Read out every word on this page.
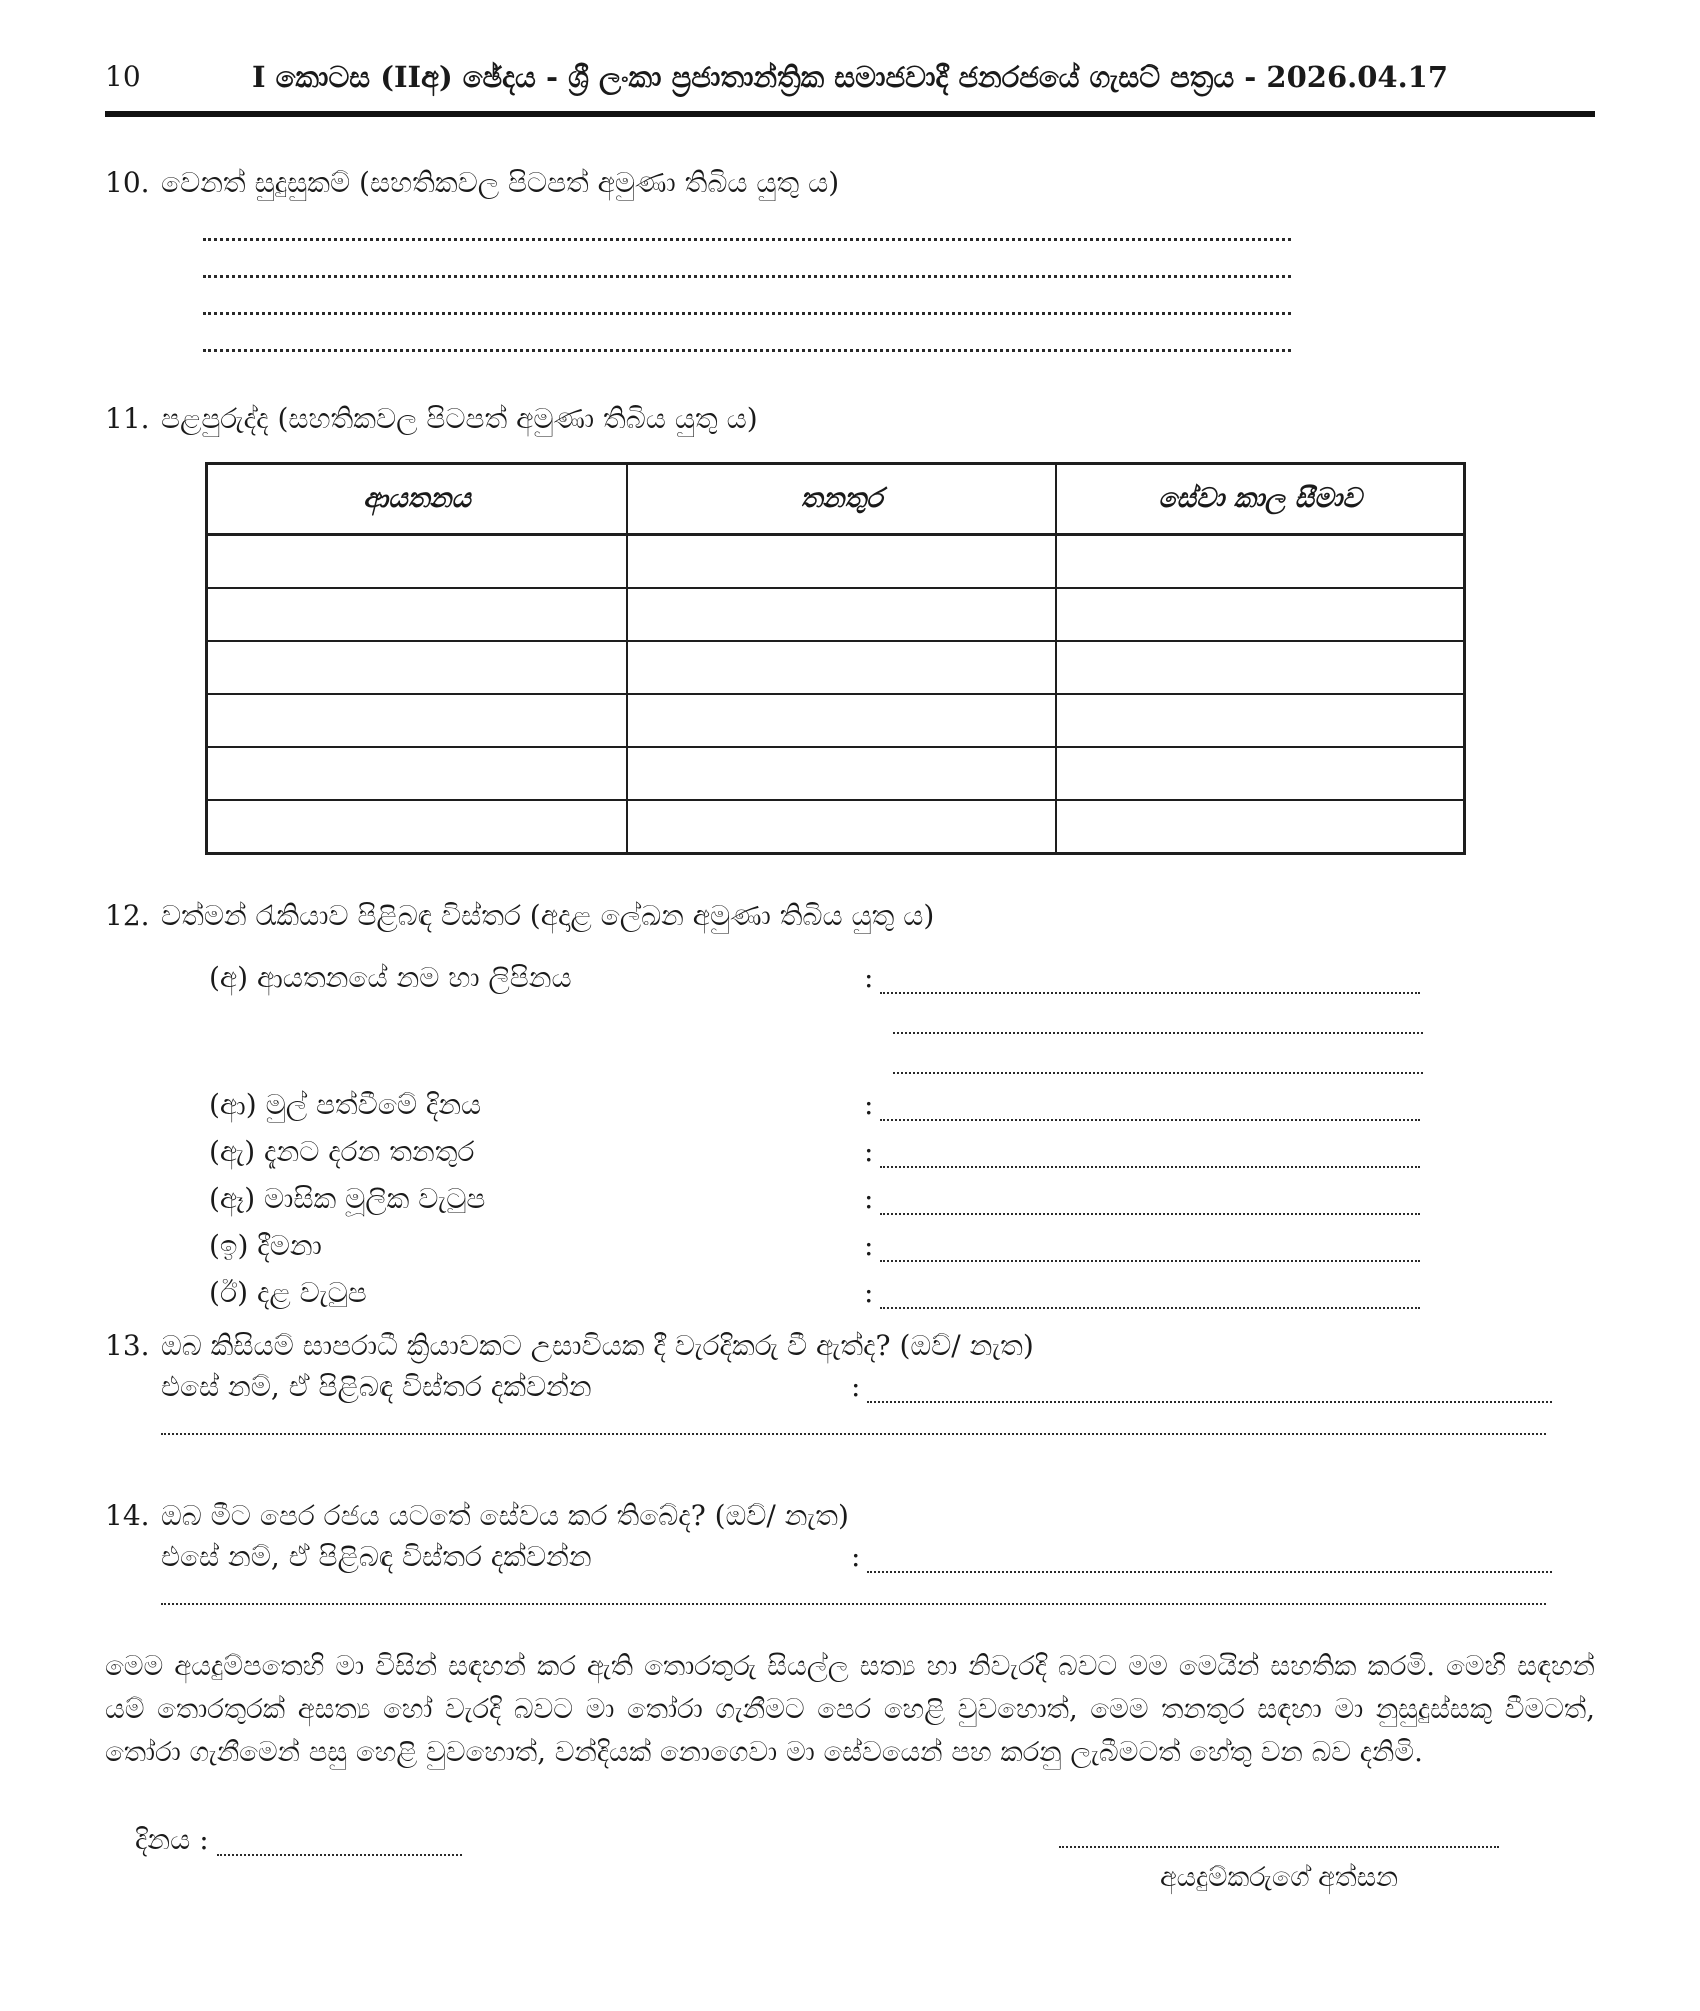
10	I කොටස (IIඅ) ඡේදය - ශ්‍රී ලංකා ප්‍රජාතාන්ත්‍රික සමාජවාදී ජනරජයේ ගැසට් පත්‍රය - 2026.04.17
10. වෙනත් සුදුසුකම් (සහතිකවල පිටපත් අමුණා තිබිය යුතු ය)
11. පළපුරුද්ද (සහතිකවල පිටපත් අමුණා තිබිය යුතු ය)
ආයතනය	තනතුර	සේවා කාල සීමාව

12. වත්මන් රැකියාව පිළිබඳ විස්තර (අදාළ ලේඛන අමුණා තිබිය යුතු ය)
(අ) ආයතනයේ නම හා ලිපිනය	:
(ආ) මුල් පත්වීමේ දිනය	:
(ඇ) දැනට දරන තනතුර	:
(ඈ) මාසික මූලික වැටුප	:
(ඉ) දීමනා	:
(ඊ) දළ වැටුප	:
13. ඔබ කිසියම් සාපරාධී ක්‍රියාවකට උසාවියක දී වැරදිකරු වී ඇත්ද? (ඔව්/ නැත)
එසේ නම්, ඒ පිළිබඳ විස්තර දක්වන්න	:
14. ඔබ මීට පෙර රජය යටතේ සේවය කර තිබේද? (ඔව්/ නැත)
එසේ නම්, ඒ පිළිබඳ විස්තර දක්වන්න	:

මෙම අයදුම්පතෙහි මා විසින් සඳහන් කර ඇති තොරතුරු සියල්ල සත්‍ය හා නිවැරදි බවට මම මෙයින් සහතික කරමි. මෙහි සඳහන් යම් තොරතුරක් අසත්‍ය හෝ වැරදි බවට මා තෝරා ගැනීමට පෙර හෙළි වුවහොත්, මෙම තනතුර සඳහා මා නුසුදුස්සකු වීමටත්, තෝරා ගැනීමෙන් පසු හෙළි වුවහොත්, වන්දියක් නොගෙවා මා සේවයෙන් පහ කරනු ලැබීමටත් හේතු වන බව දනිමි.

දිනය :
අයදුම්කරුගේ අත්සන
